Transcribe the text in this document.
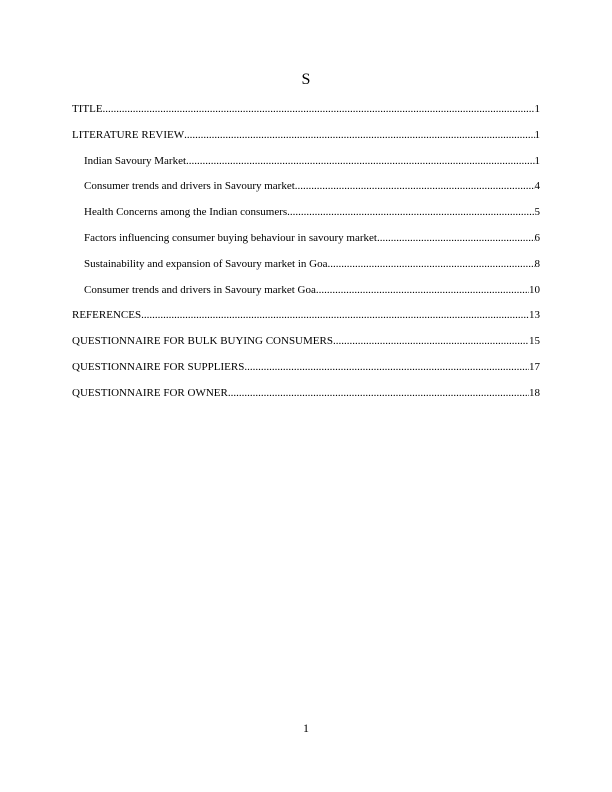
S
TITLE .....	1
LITERATURE REVIEW .....	1
Indian Savoury Market .....	1
Consumer trends and drivers in Savoury market .....	4
Health Concerns among the Indian consumers .....	5
Factors influencing consumer buying behaviour in savoury market .....	6
Sustainability and expansion of Savoury market in Goa .....	8
Consumer trends and drivers in Savoury market Goa .....	10
REFERENCES .....	13
QUESTIONNAIRE FOR BULK BUYING CONSUMERS .....	15
QUESTIONNAIRE FOR SUPPLIERS .....	17
QUESTIONNAIRE FOR OWNER .....	18
1
